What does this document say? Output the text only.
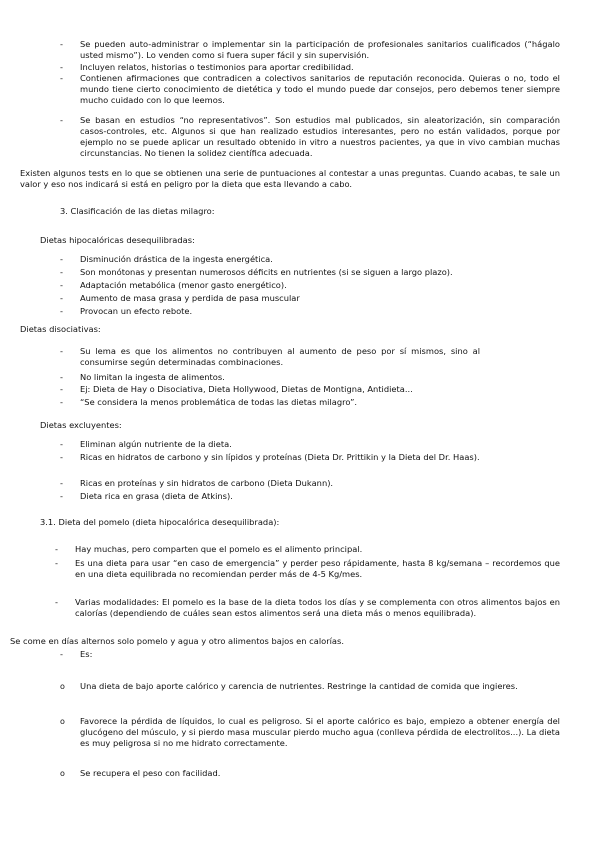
-	Se pueden auto-administrar o implementar sin la participación de profesionales sanitarios cualificados (“hágalo usted mismo”). Lo venden como si fuera super fácil y sin supervisión.
-	Incluyen relatos, historias o testimonios para aportar credibilidad.
-	Contienen afirmaciones que contradicen a colectivos sanitarios de reputación reconocida. Quieras o no, todo el mundo tiene cierto conocimiento de dietética y todo el mundo puede dar consejos, pero debemos tener siempre mucho cuidado con lo que leemos.
-	Se basan en estudios “no representativos”. Son estudios mal publicados, sin aleatorización, sin comparación casos-controles, etc. Algunos si que han realizado estudios interesantes, pero no están validados, porque por ejemplo no se puede aplicar un resultado obtenido in vitro a nuestros pacientes, ya que in vivo cambian muchas circunstancias. No tienen la solidez científica adecuada.
Existen algunos tests en lo que se obtienen una serie de puntuaciones al contestar a unas preguntas. Cuando acabas, te sale un valor y eso nos indicará si está en peligro por la dieta que esta llevando a cabo.
3. Clasificación de las dietas milagro:
Dietas hipocalóricas desequilibradas:
-	Disminución drástica de la ingesta energética.
-	Son monótonas y presentan numerosos déficits en nutrientes (si se siguen a largo plazo).
-	Adaptación metabólica (menor gasto energético).
-	Aumento de masa grasa y perdida de pasa muscular
-	Provocan un efecto rebote.
Dietas disociativas:
-	Su lema es que los alimentos no contribuyen al aumento de peso por sí mismos, sino al consumirse según determinadas combinaciones.
-	No limitan la ingesta de alimentos.
-	Ej: Dieta de Hay o Disociativa, Dieta Hollywood, Dietas de Montigna, Antidieta...
-	“Se considera la menos problemática de todas las dietas milagro”.
Dietas excluyentes:
-	Eliminan algún nutriente de la dieta.
-	Ricas en hidratos de carbono y sin lípidos y proteínas (Dieta Dr. Prittikin y la Dieta del Dr. Haas).
-	Ricas en proteínas y sin hidratos de carbono (Dieta Dukann).
-	Dieta rica en grasa (dieta de Atkins).
3.1. Dieta del pomelo (dieta hipocalórica desequilibrada):
-	Hay muchas, pero comparten que el pomelo es el alimento principal.
-	Es una dieta para usar “en caso de emergencia” y perder peso rápidamente, hasta 8 kg/semana – recordemos que en una dieta equilibrada no recomiendan perder más de 4-5 Kg/mes.
-	Varias modalidades: El pomelo es la base de la dieta todos los días y se complementa con otros alimentos bajos en calorías (dependiendo de cuáles sean estos alimentos será una dieta más o menos equilibrada).
Se come en días alternos solo pomelo y agua y otro alimentos bajos en calorías.
-	Es:
o	Una dieta de bajo aporte calórico y carencia de nutrientes. Restringe la cantidad de comida que ingieres.
o	Favorece la pérdida de líquidos, lo cual es peligroso. Si el aporte calórico es bajo, empiezo a obtener energía del glucógeno del músculo, y si pierdo masa muscular pierdo mucho agua (conlleva pérdida de electrolitos...). La dieta es muy peligrosa si no me hidrato correctamente.
o	Se recupera el peso con facilidad.
